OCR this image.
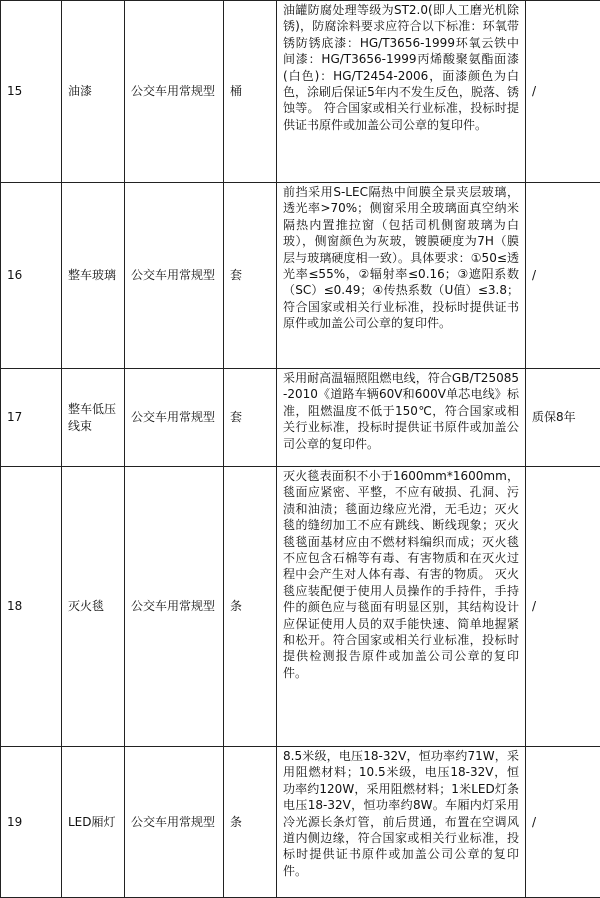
15	油漆	公交车用常规型	桶	油罐防腐处理等级为ST2.0(即人工磨光机除锈)，防腐涂料要求应符合以下标准：环氧带锈防锈底漆：HG/T3656-1999环氧云铁中间漆：HG/T3656-1999丙烯酸聚氨酯面漆(白色)：HG/T2454-2006，面漆颜色为白色，涂刷后保证5年内不发生反色，脱落、锈蚀等。 符合国家或相关行业标准，投标时提供证书原件或加盖公司公章的复印件。	/
16	整车玻璃	公交车用常规型	套	前挡采用S-LEC隔热中间膜全景夹层玻璃，透光率>70%；侧窗采用全玻璃面真空纳米隔热内置推拉窗（包括司机侧窗玻璃为白玻），侧窗颜色为灰玻，镀膜硬度为7H（膜层与玻璃硬度相一致）。具体要求：①50≤透光率≤55%，②辐射率≤0.16；③遮阳系数（SC）≤0.49；④传热系数（U值）≤3.8；符合国家或相关行业标准，投标时提供证书原件或加盖公司公章的复印件。	/
17	整车低压线束	公交车用常规型	套	采用耐高温辐照阻燃电线，符合GB/T25085-2010《道路车辆60V和600V单芯电线》标准，阻燃温度不低于150℃，符合国家或相关行业标准，投标时提供证书原件或加盖公司公章的复印件。	质保8年
18	灭火毯	公交车用常规型	条	灭火毯表面积不小于1600mm*1600mm，毯面应紧密、平整，不应有破损、孔洞、污渍和油渍；毯面边缘应光滑，无毛边；灭火毯的缝纫加工不应有跳线、断线现象；灭火毯毯面基材应由不燃材料编织而成；灭火毯不应包含石棉等有毒、有害物质和在灭火过程中会产生对人体有毒、有害的物质。 灭火毯应装配便于使用人员操作的手持件，手持件的颜色应与毯面有明显区别，其结构设计应保证使用人员的双手能快速、简单地握紧和松开。符合国家或相关行业标准，投标时提供检测报告原件或加盖公司公章的复印件。	/
19	LED厢灯	公交车用常规型	条	8.5米级，电压18-32V，恒功率约71W，采用阻燃材料；10.5米级，电压18-32V，恒功率约120W，采用阻燃材料；1米LED灯条电压18-32V，恒功率约8W。车厢内灯采用冷光源长条灯管，前后贯通，布置在空调风道内侧边缘，符合国家或相关行业标准，投标时提供证书原件或加盖公司公章的复印件。	/
